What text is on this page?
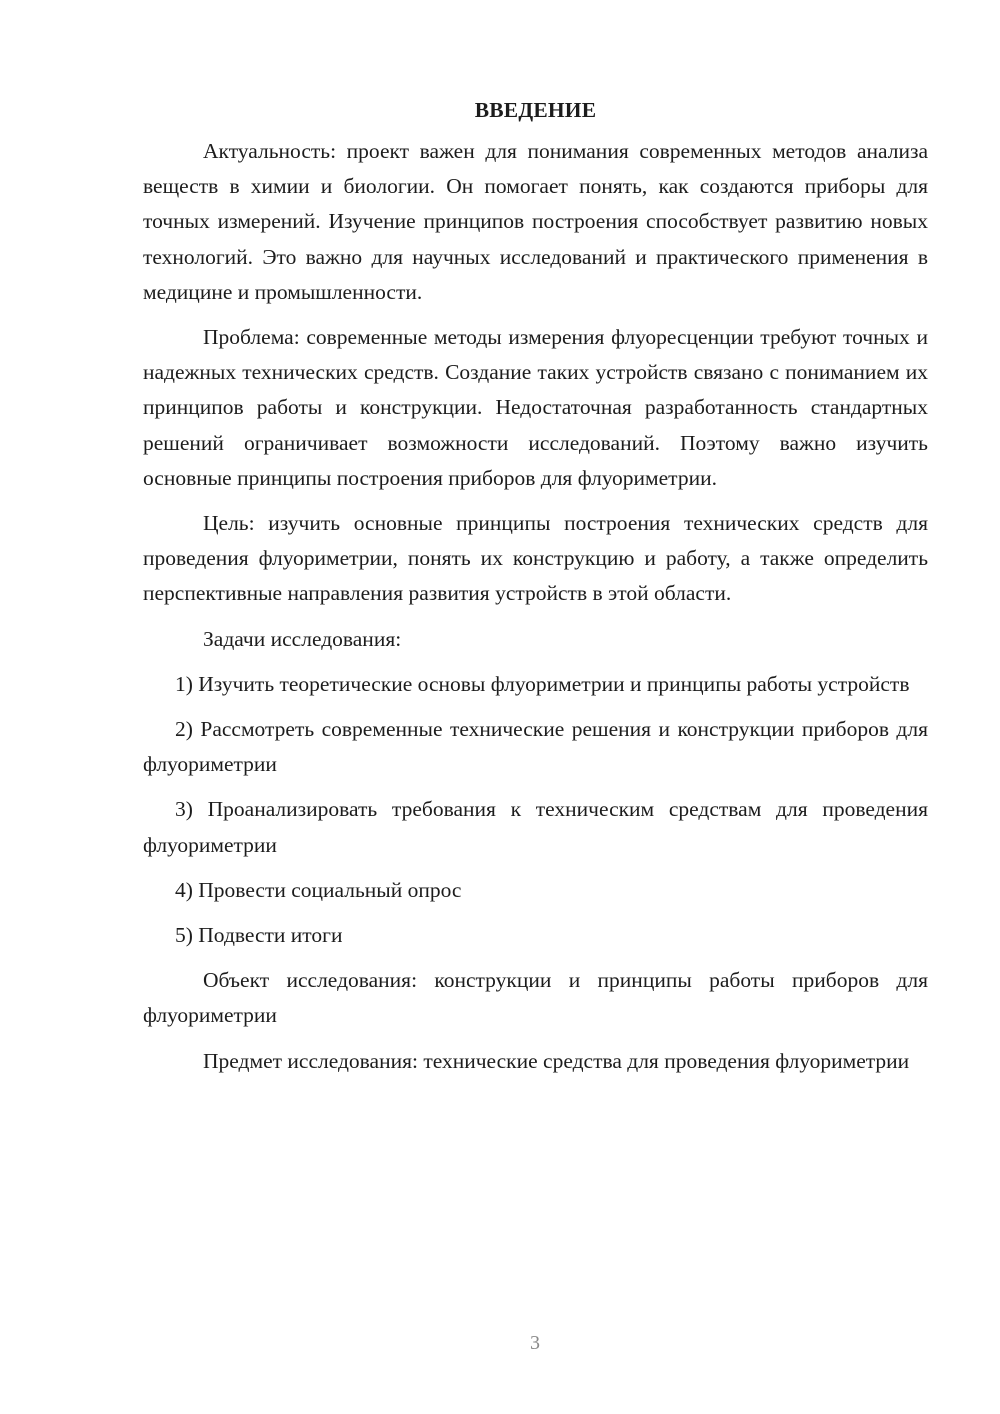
ВВЕДЕНИЕ

Актуальность: проект важен для понимания современных методов анализа веществ в химии и биологии. Он помогает понять, как создаются приборы для точных измерений. Изучение принципов построения способствует развитию новых технологий. Это важно для научных исследований и практического применения в медицине и промышленности.

Проблема: современные методы измерения флуоресценции требуют точных и надежных технических средств. Создание таких устройств связано с пониманием их принципов работы и конструкции. Недостаточная разработанность стандартных решений ограничивает возможности исследований. Поэтому важно изучить основные принципы построения приборов для флуориметрии.

Цель: изучить основные принципы построения технических средств для проведения флуориметрии, понять их конструкцию и работу, а также определить перспективные направления развития устройств в этой области.

Задачи исследования:

1) Изучить теоретические основы флуориметрии и принципы работы устройств

2) Рассмотреть современные технические решения и конструкции приборов для флуориметрии

3) Проанализировать требования к техническим средствам для проведения флуориметрии

4) Провести социальный опрос

5) Подвести итоги

Объект исследования: конструкции и принципы работы приборов для флуориметрии

Предмет исследования: технические средства для проведения флуориметрии

3
